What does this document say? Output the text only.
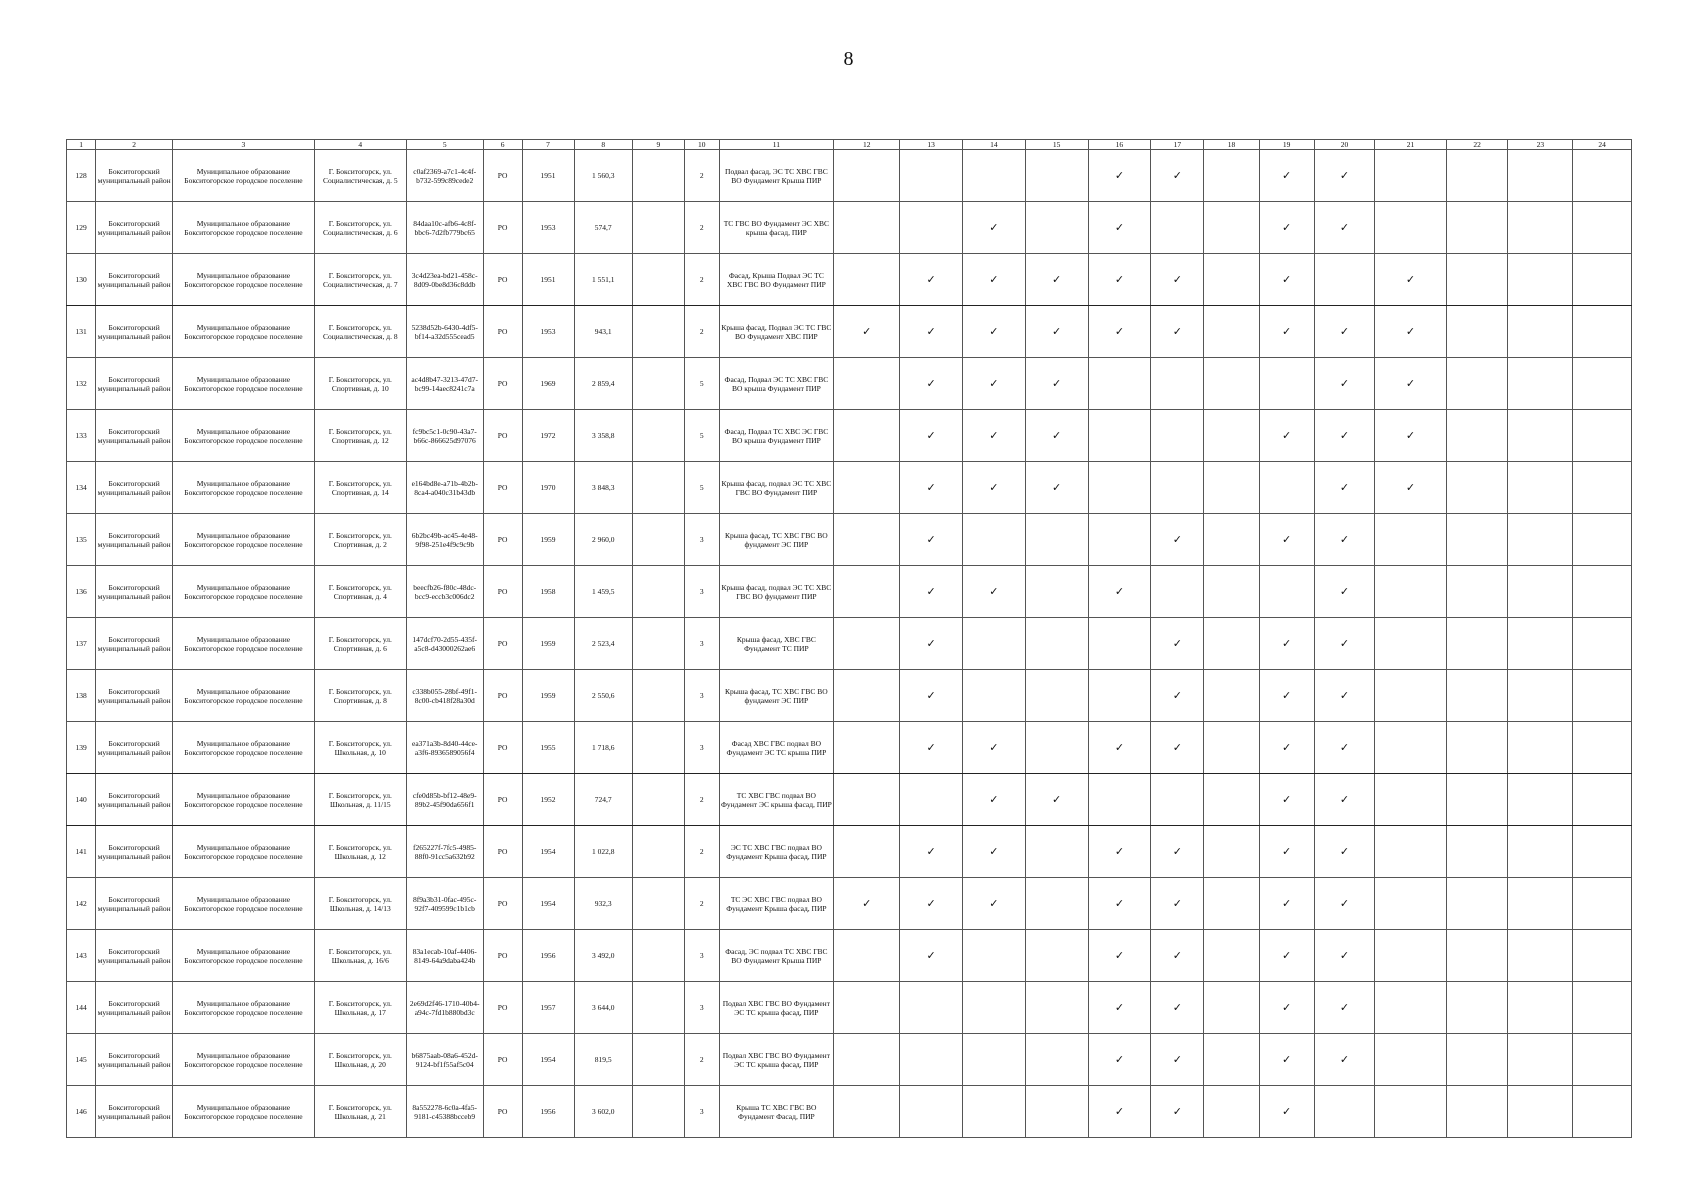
8
1	2	3	4	5	6	7	8	9	10	11	12	13	14	15	16	17	18	19	20	21	22	23	24
128	Бокситогорский муниципальный район	Муниципальное образование Бокситогорское городское поселение	Г. Бокситогорск, ул. Социалистическая, д. 5	c0af2369-a7c1-4c4f-b732-599c89cede2	РО	1951	1 560,3		2	Подвал фасад, ЭС ТС ХВС ГВС ВО Фундамент Крыша ПИР					✓	✓		✓	✓				
129	Бокситогорский муниципальный район	Муниципальное образование Бокситогорское городское поселение	Г. Бокситогорск, ул. Социалистическая, д. 6	84daa10c-afb6-4c8f-bbc6-7d2fb779bc65	РО	1953	574,7		2	ТС ГВС ВО Фундамент ЭС ХВС крыша фасад, ПИР			✓		✓			✓	✓				
130	Бокситогорский муниципальный район	Муниципальное образование Бокситогорское городское поселение	Г. Бокситогорск, ул. Социалистическая, д. 7	3c4d23ea-bd21-458c-8d09-0be8d36c8ddb	РО	1951	1 551,1		2	Фасад, Крыша Подвал ЭС ТС ХВС ГВС ВО Фундамент ПИР		✓	✓	✓	✓	✓		✓		✓			
131	Бокситогорский муниципальный район	Муниципальное образование Бокситогорское городское поселение	Г. Бокситогорск, ул. Социалистическая, д. 8	5238d52b-6430-4df5-bf14-a32d555cead5	РО	1953	943,1		2	Крыша фасад, Подвал ЭС ТС ГВС ВО Фундамент ХВС ПИР	✓	✓	✓	✓	✓	✓		✓	✓	✓			
132	Бокситогорский муниципальный район	Муниципальное образование Бокситогорское городское поселение	Г. Бокситогорск, ул. Спортивная, д. 10	ac4d8b47-3213-47d7-bc99-14aec8241c7a	РО	1969	2 859,4		5	Фасад, Подвал ЭС ТС ХВС ГВС ВО крыша Фундамент ПИР		✓	✓	✓					✓	✓			
133	Бокситогорский муниципальный район	Муниципальное образование Бокситогорское городское поселение	Г. Бокситогорск, ул. Спортивная, д. 12	fc9bc5c1-0c90-43a7-b66c-866625d97076	РО	1972	3 358,8		5	Фасад, Подвал ТС ХВС ЭС ГВС ВО крыша Фундамент ПИР		✓	✓	✓				✓	✓	✓			
134	Бокситогорский муниципальный район	Муниципальное образование Бокситогорское городское поселение	Г. Бокситогорск, ул. Спортивная, д. 14	e164bd8e-a71b-4b2b-8ca4-a040c31b43db	РО	1970	3 848,3		5	Крыша фасад, подвал ЭС ТС ХВС ГВС ВО Фундамент ПИР		✓	✓	✓					✓	✓			
135	Бокситогорский муниципальный район	Муниципальное образование Бокситогорское городское поселение	Г. Бокситогорск, ул. Спортивная, д. 2	6b2bc49b-ac45-4e48-9f98-251e4f9c9c9b	РО	1959	2 960,0		3	Крыша фасад, ТС ХВС ГВС ВО фундамент ЭС ПИР		✓				✓		✓	✓				
136	Бокситогорский муниципальный район	Муниципальное образование Бокситогорское городское поселение	Г. Бокситогорск, ул. Спортивная, д. 4	beecfb26-f80c-48dc-bcc9-eccb3c006dc2	РО	1958	1 459,5		3	Крыша фасад, подвал ЭС ТС ХВС ГВС ВО фундамент ПИР		✓	✓		✓				✓				
137	Бокситогорский муниципальный район	Муниципальное образование Бокситогорское городское поселение	Г. Бокситогорск, ул. Спортивная, д. 6	147dcf70-2d55-435f-a5c8-d43000262ae6	РО	1959	2 523,4		3	Крыша фасад, ХВС ГВС Фундамент ТС ПИР		✓				✓		✓	✓				
138	Бокситогорский муниципальный район	Муниципальное образование Бокситогорское городское поселение	Г. Бокситогорск, ул. Спортивная, д. 8	c338b055-28bf-49f1-8c00-cb418f28a30d	РО	1959	2 550,6		3	Крыша фасад, ТС ХВС ГВС ВО фундамент ЭС ПИР		✓				✓		✓	✓				
139	Бокситогорский муниципальный район	Муниципальное образование Бокситогорское городское поселение	Г. Бокситогорск, ул. Школьная, д. 10	ea371a3b-8d40-44ce-a3f6-8936589056f4	РО	1955	1 718,6		3	Фасад ХВС ГВС подвал ВО Фундамент ЭС ТС крыша ПИР		✓	✓		✓	✓		✓	✓				
140	Бокситогорский муниципальный район	Муниципальное образование Бокситогорское городское поселение	Г. Бокситогорск, ул. Школьная, д. 11/15	cfe0d85b-bf12-48e9-89b2-45f90da656f1	РО	1952	724,7		2	ТС ХВС ГВС подвал ВО Фундамент ЭС крыша фасад, ПИР			✓	✓				✓	✓				
141	Бокситогорский муниципальный район	Муниципальное образование Бокситогорское городское поселение	Г. Бокситогорск, ул. Школьная, д. 12	f265227f-7fc5-4985-88f0-91cc5a632b92	РО	1954	1 022,8		2	ЭС ТС ХВС ГВС подвал ВО Фундамент Крыша фасад, ПИР		✓	✓		✓	✓		✓	✓				
142	Бокситогорский муниципальный район	Муниципальное образование Бокситогорское городское поселение	Г. Бокситогорск, ул. Школьная, д. 14/13	8f9a3b31-0fac-495c-92f7-409599c1b1cb	РО	1954	932,3		2	ТС ЭС ХВС ГВС подвал ВО Фундамент Крыша фасад, ПИР	✓	✓	✓		✓	✓		✓	✓				
143	Бокситогорский муниципальный район	Муниципальное образование Бокситогорское городское поселение	Г. Бокситогорск, ул. Школьная, д. 16/6	83a1ecab-10af-4406-8149-64a9daba424b	РО	1956	3 492,0		3	Фасад, ЭС подвал ТС ХВС ГВС ВО Фундамент Крыша ПИР		✓			✓	✓		✓	✓				
144	Бокситогорский муниципальный район	Муниципальное образование Бокситогорское городское поселение	Г. Бокситогорск, ул. Школьная, д. 17	2e69d2f46-1710-40b4-a94c-7fd1b880bd3c	РО	1957	3 644,0		3	Подвал ХВС ГВС ВО Фундамент ЭС ТС крыша фасад, ПИР					✓	✓		✓	✓				
145	Бокситогорский муниципальный район	Муниципальное образование Бокситогорское городское поселение	Г. Бокситогорск, ул. Школьная, д. 20	b6875aab-08a6-452d-9124-bf1f55af5c04	РО	1954	819,5		2	Подвал ХВС ГВС ВО Фундамент ЭС ТС крыша фасад, ПИР					✓	✓		✓	✓				
146	Бокситогорский муниципальный район	Муниципальное образование Бокситогорское городское поселение	Г. Бокситогорск, ул. Школьная, д. 21	8a552278-6c0a-4fa5-9181-c45388bcceb9	РО	1956	3 602,0		3	Крыша ТС ХВС ГВС ВО Фундамент Фасад, ПИР					✓	✓		✓					
